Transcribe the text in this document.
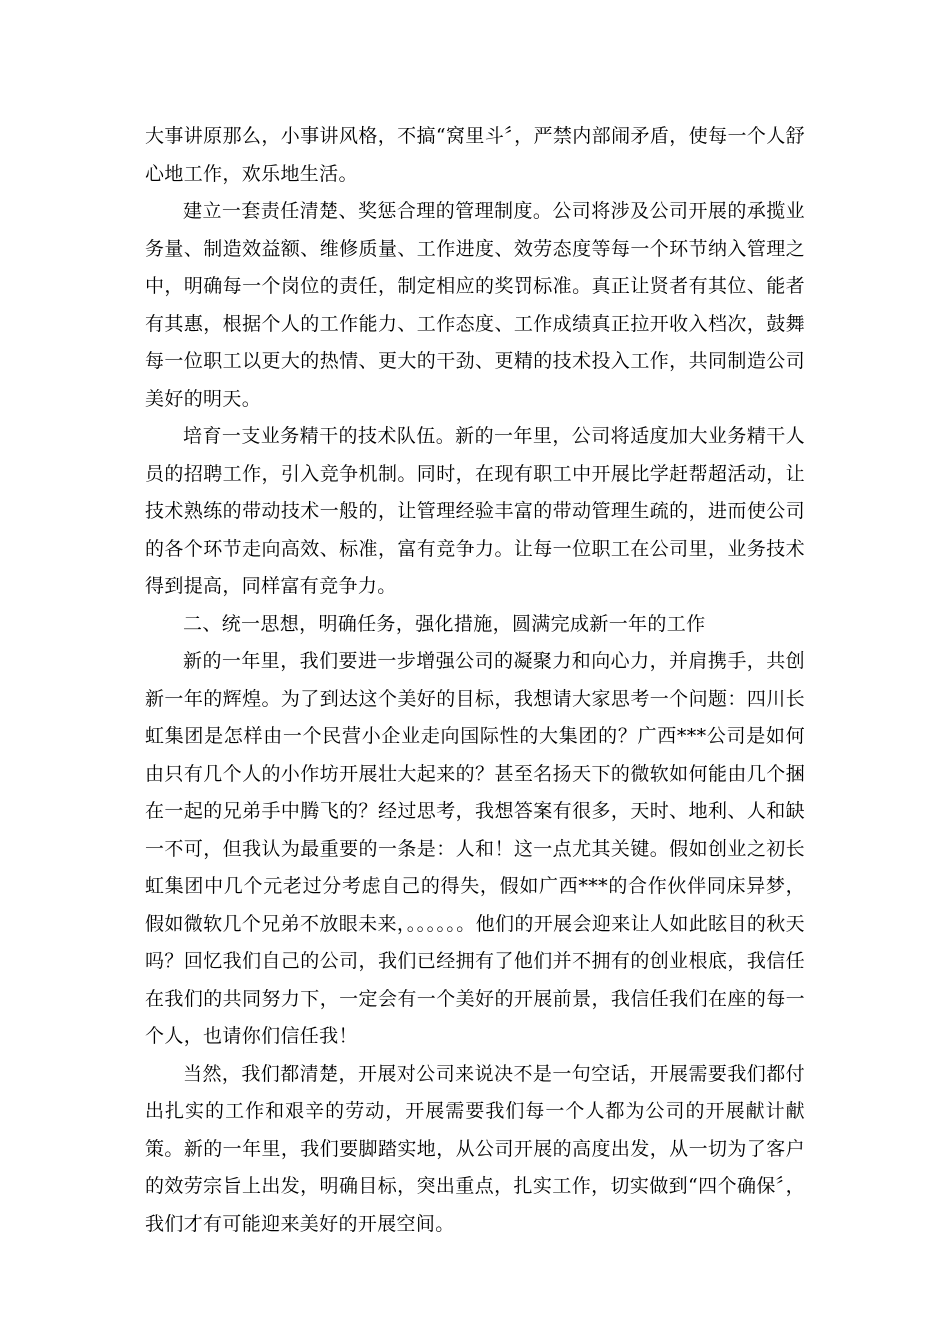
大事讲原那么，小事讲风格，不搞“窝里斗〞，严禁内部闹矛盾，使每一个人舒心地工作，欢乐地生活。

建立一套责任清楚、奖惩合理的管理制度。公司将涉及公司开展的承揽业务量、制造效益额、维修质量、工作进度、效劳态度等每一个环节纳入管理之中，明确每一个岗位的责任，制定相应的奖罚标准。真正让贤者有其位、能者有其惠，根据个人的工作能力、工作态度、工作成绩真正拉开收入档次，鼓舞每一位职工以更大的热情、更大的干劲、更精的技术投入工作，共同制造公司美好的明天。

培育一支业务精干的技术队伍。新的一年里，公司将适度加大业务精干人员的招聘工作，引入竞争机制。同时，在现有职工中开展比学赶帮超活动，让技术熟练的带动技术一般的，让管理经验丰富的带动管理生疏的，进而使公司的各个环节走向高效、标准，富有竞争力。让每一位职工在公司里，业务技术得到提高，同样富有竞争力。

二、统一思想，明确任务，强化措施，圆满完成新一年的工作

新的一年里，我们要进一步增强公司的凝聚力和向心力，并肩携手，共创新一年的辉煌。为了到达这个美好的目标，我想请大家思考一个问题：四川长虹集团是怎样由一个民营小企业走向国际性的大集团的？广西***公司是如何由只有几个人的小作坊开展壮大起来的？甚至名扬天下的微软如何能由几个捆在一起的兄弟手中腾飞的？经过思考，我想答案有很多，天时、地利、人和缺一不可，但我认为最重要的一条是：人和！这一点尤其关键。假如创业之初长虹集团中几个元老过分考虑自己的得失，假如广西***的合作伙伴同床异梦，假如微软几个兄弟不放眼未来，。。。。。。他们的开展会迎来让人如此眩目的秋天吗？回忆我们自己的公司，我们已经拥有了他们并不拥有的创业根底，我信任在我们的共同努力下，一定会有一个美好的开展前景，我信任我们在座的每一个人，也请你们信任我！

当然，我们都清楚，开展对公司来说决不是一句空话，开展需要我们都付出扎实的工作和艰辛的劳动，开展需要我们每一个人都为公司的开展献计献策。新的一年里，我们要脚踏实地，从公司开展的高度出发，从一切为了客户的效劳宗旨上出发，明确目标，突出重点，扎实工作，切实做到“四个确保〞，我们才有可能迎来美好的开展空间。
